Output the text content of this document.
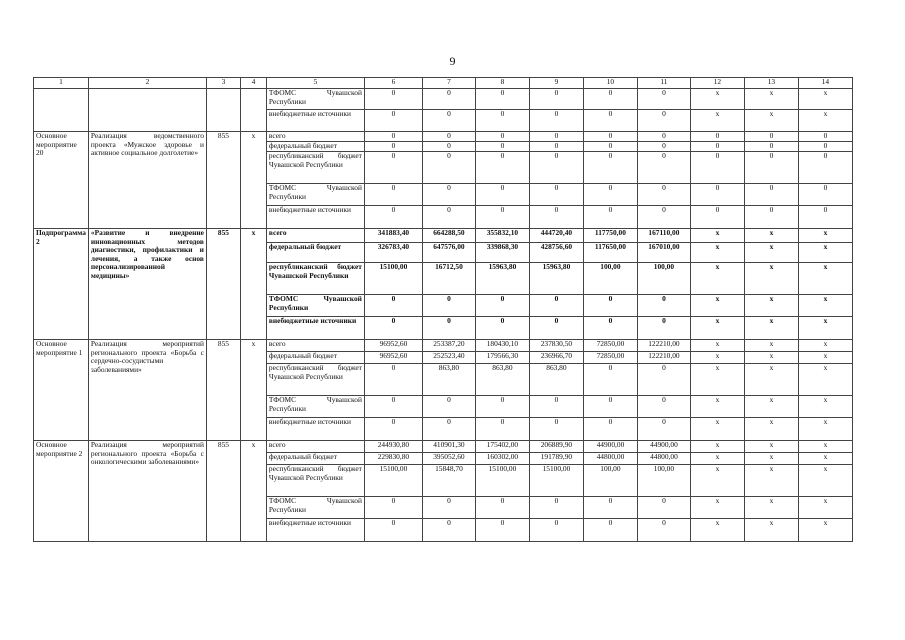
9
1	2	3	4	5	6	7	8	9	10	11	12	13	14
				ТФОМС Чувашской Республики	0	0	0	0	0	0	x	x	x
				внебюджетные источники	0	0	0	0	0	0	x	x	x
Основное мероприятие 20	Реализация ведомственного проекта «Мужское здоровье и активное социальное долголетие»	855	x	всего	0	0	0	0	0	0	0	0	0
				федеральный бюджет	0	0	0	0	0	0	0	0	0
				республиканский бюджет Чувашской Республики	0	0	0	0	0	0	0	0	0
				ТФОМС Чувашской Республики	0	0	0	0	0	0	0	0	0
				внебюджетные источники	0	0	0	0	0	0	0	0	0
Подпрограмма 2	«Развитие и внедрение инновационных методов диагностики, профилактики и лечения, а также основ персонализированной медицины»	855	x	всего	341883,40	664288,50	355832,10	444720,40	117750,00	167110,00	x	x	x
				федеральный бюджет	326783,40	647576,00	339868,30	428756,60	117650,00	167010,00	x	x	x
				республиканский бюджет Чувашской Республики	15100,00	16712,50	15963,80	15963,80	100,00	100,00	x	x	x
				ТФОМС Чувашской Республики	0	0	0	0	0	0	x	x	x
				внебюджетные источники	0	0	0	0	0	0	x	x	x
Основное мероприятие 1	Реализация мероприятий регионального проекта «Борьба с сердечно-сосудистыми заболеваниями»	855	x	всего	96952,60	253387,20	180430,10	237830,50	72850,00	122210,00	x	x	x
				федеральный бюджет	96952,60	252523,40	179566,30	236966,70	72850,00	122210,00	x	x	x
				республиканский бюджет Чувашской Республики	0	863,80	863,80	863,80	0	0	x	x	x
				ТФОМС Чувашской Республики	0	0	0	0	0	0	x	x	x
				внебюджетные источники	0	0	0	0	0	0	x	x	x
Основное мероприятие 2	Реализация мероприятий регионального проекта «Борьба с онкологическими заболеваниями»	855	x	всего	244930,80	410901,30	175402,00	206889,90	44900,00	44900,00	x	x	x
				федеральный бюджет	229830,80	395052,60	160302,00	191789,90	44800,00	44800,00	x	x	x
				республиканский бюджет Чувашской Республики	15100,00	15848,70	15100,00	15100,00	100,00	100,00	x	x	x
				ТФОМС Чувашской Республики	0	0	0	0	0	0	x	x	x
				внебюджетные источники	0	0	0	0	0	0	x	x	x
